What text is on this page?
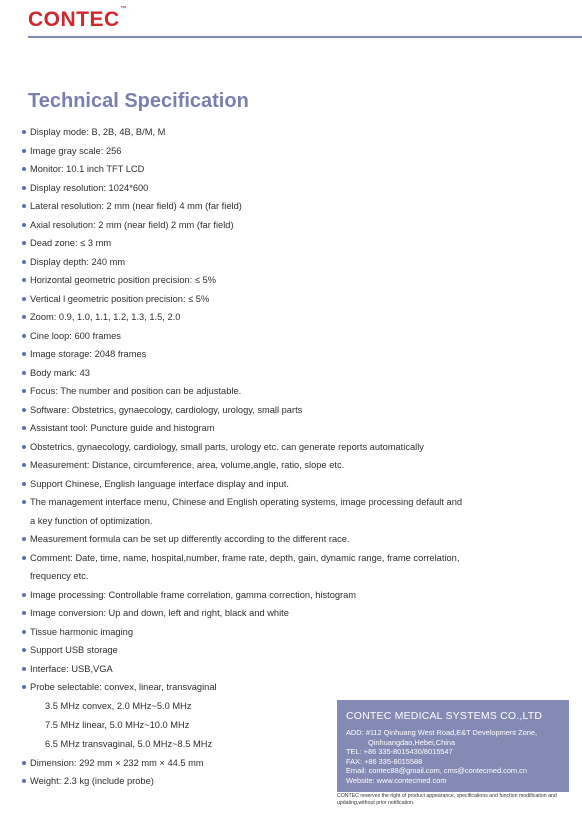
CONTEC™
Technical Specification
Display mode: B, 2B, 4B, B/M, M
Image gray scale: 256
Monitor: 10.1 inch TFT LCD
Display resolution: 1024*600
Lateral resolution: 2 mm (near field) 4 mm (far field)
Axial resolution: 2 mm (near field) 2 mm (far field)
Dead zone: ≤ 3 mm
Display depth: 240 mm
Horizontal geometric position precision: ≤ 5%
Vertical l geometric position precision: ≤ 5%
Zoom: 0.9, 1.0, 1.1, 1.2, 1.3, 1.5, 2.0
Cine loop: 600 frames
Image storage: 2048 frames
Body mark: 43
Focus: The number and position can be adjustable.
Software: Obstetrics, gynaecology, cardiology, urology, small parts
Assistant tool: Puncture guide and histogram
Obstetrics, gynaecology, cardiology, small parts, urology etc. can generate reports automatically
Measurement: Distance, circumference, area, volume,angle, ratio, slope etc.
Support Chinese, English language interface display and input.
The management interface menu, Chinese and English operating systems, image processing default and
a key function of optimization.
Measurement formula can be set up differently according to the different race.
Comment: Date, time, name, hospital,number, frame rate, depth, gain, dynamic range, frame correlation,
frequency etc.
Image processing: Controllable frame correlation, gamma correction, histogram
Image conversion: Up and down, left and right, black and white
Tissue harmonic imaging
Support USB storage
Interface: USB,VGA
Probe selectable: convex, linear, transvaginal
3.5 MHz convex, 2.0 MHz~5.0 MHz
7.5 MHz linear, 5.0 MHz~10.0 MHz
6.5 MHz transvaginal, 5.0 MHz~8.5 MHz
Dimension: 292 mm × 232 mm × 44.5 mm
Weight: 2.3 kg (include probe)
CONTEC MEDICAL SYSTEMS CO.,LTD
ADD: #112 Qinhuang West Road,E&T Development Zone,
Qinhuangdao,Hebei,China
TEL: +86 335-8015430/8015547
FAX: +86 335-8015588
Email: contec88@gmail.com, cms@contecmed.com.cn
Website: www.contecmed.com
CONTEC reserves the right of product appearance, specifications and function modification and updating,without prior notification.
